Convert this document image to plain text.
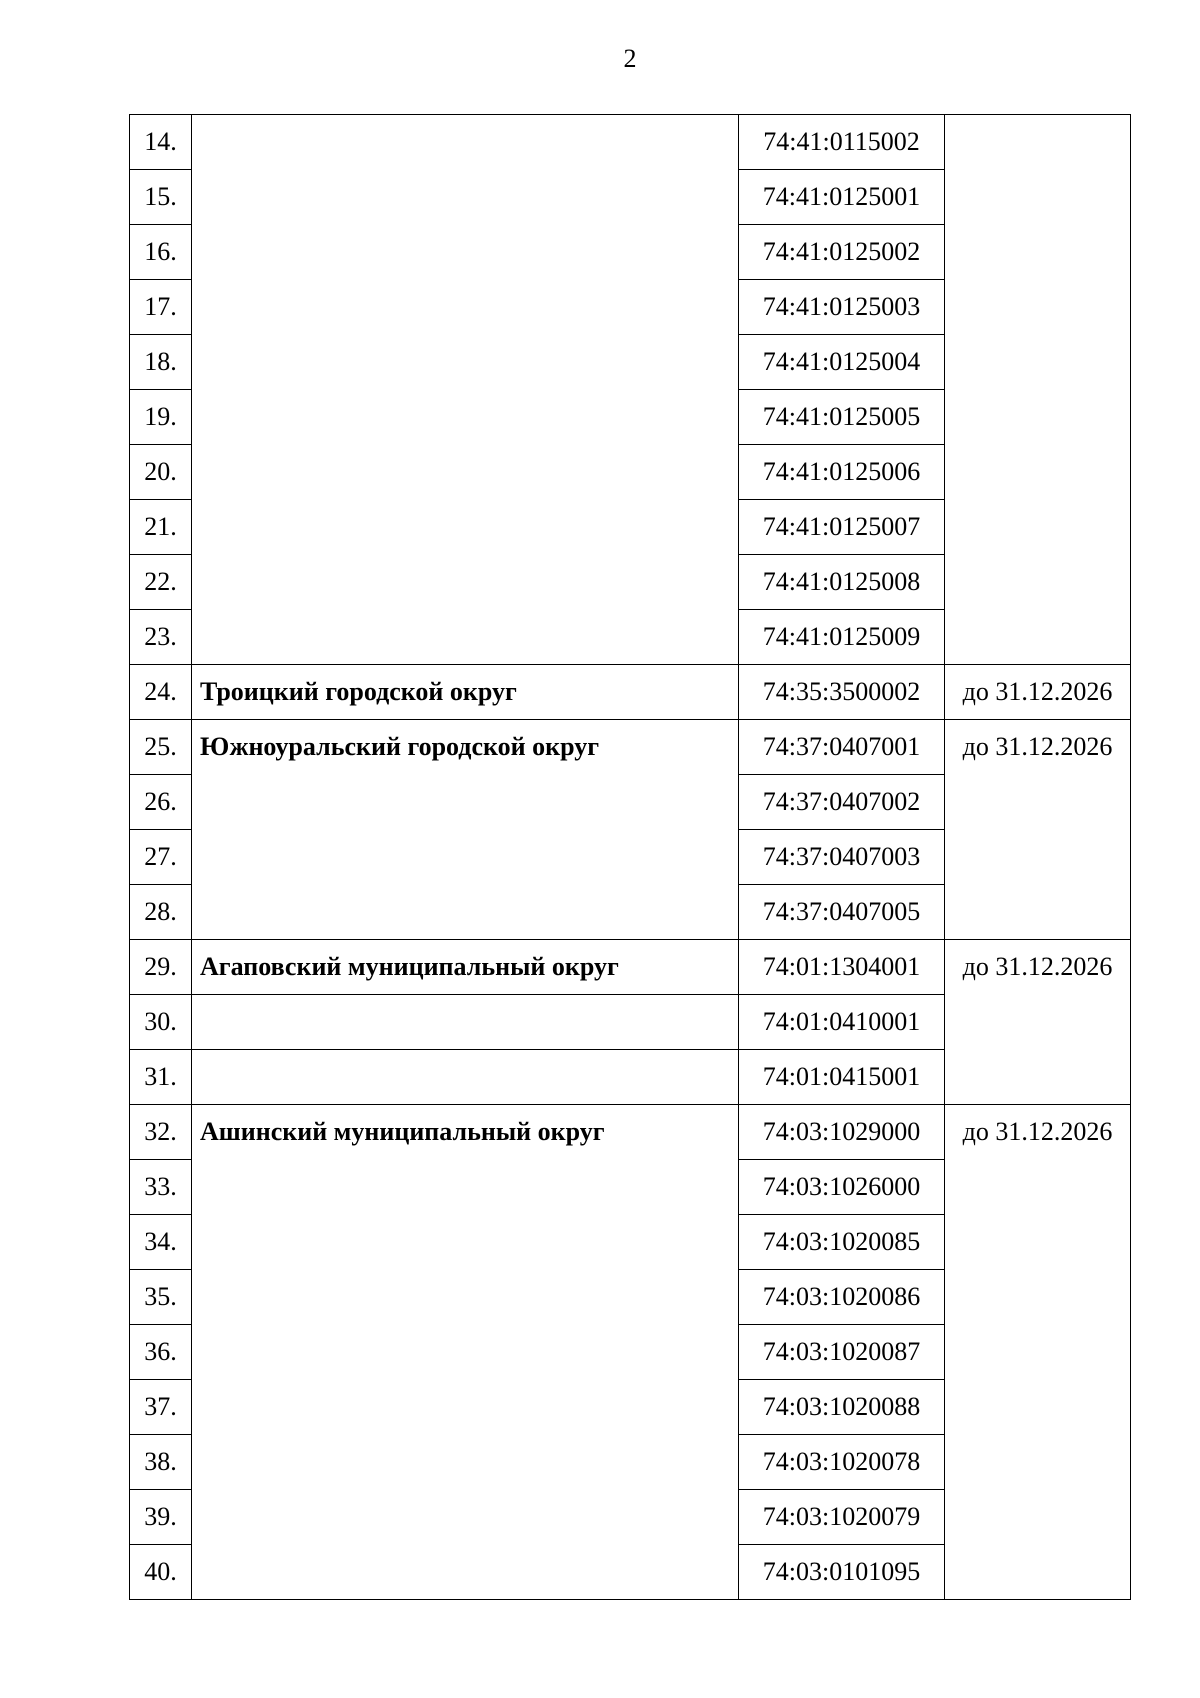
2
14.		74:41:0115002	
15.		74:41:0125001	
16.		74:41:0125002	
17.		74:41:0125003	
18.		74:41:0125004	
19.		74:41:0125005	
20.		74:41:0125006	
21.		74:41:0125007	
22.		74:41:0125008	
23.		74:41:0125009	
24.	Троицкий городской округ	74:35:3500002	до 31.12.2026
25.	Южноуральский городской округ	74:37:0407001	до 31.12.2026
26.		74:37:0407002	
27.		74:37:0407003	
28.		74:37:0407005	
29.	Агаповский муниципальный округ	74:01:1304001	до 31.12.2026
30.		74:01:0410001	
31.		74:01:0415001	
32.	Ашинский муниципальный округ	74:03:1029000	до 31.12.2026
33.		74:03:1026000	
34.		74:03:1020085	
35.		74:03:1020086	
36.		74:03:1020087	
37.		74:03:1020088	
38.		74:03:1020078	
39.		74:03:1020079	
40.		74:03:0101095	
